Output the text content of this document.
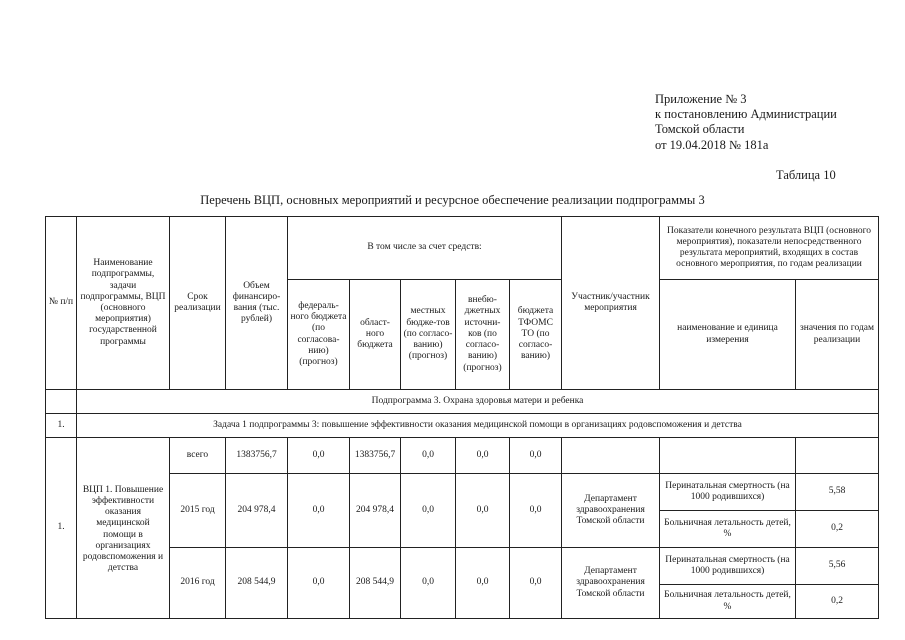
Приложение № 3
к постановлению Администрации
Томской области
от 19.04.2018 № 181а
Таблица 10
Перечень ВЦП, основных мероприятий и ресурсное обеспечение реализации подпрограммы 3
№ п/п	Наименование подпрограммы, задачи подпрограммы, ВЦП (основного мероприятия) государственной программы	Срок реализации	Объем финансиро-вания (тыс. рублей)	В том числе за счет средств:					Участник/участник мероприятия	Показатели конечного результата ВЦП (основного мероприятия), показатели непосредственного результата мероприятий, входящих в состав основного мероприятия, по годам реализации	
				федераль-ного бюджета (по согласова-нию) (прогноз)	област-ного бюджета	местных бюдже-тов (по согласо-ванию) (прогноз)	внебю-джетных источни-ков (по согласо-ванию) (прогноз)	бюджета ТФОМС ТО (по согласо-ванию)		наименование и единица измерения	значения по годам реализации
	Подпрограмма 3. Охрана здоровья матери и ребенка										
1.	Задача 1 подпрограммы 3: повышение эффективности оказания медицинской помощи в организациях родовспоможения и детства										
1.	ВЦП 1. Повышение эффективности оказания медицинской помощи в организациях родовспоможения и детства	всего	1383756,7	0,0	1383756,7	0,0	0,0	0,0			
		2015 год	204 978,4	0,0	204 978,4	0,0	0,0	0,0	Департамент здравоохранения Томской области	Перинатальная смертность (на 1000 родившихся)	5,58
										Больничная летальность детей, %	0,2
		2016 год	208 544,9	0,0	208 544,9	0,0	0,0	0,0	Департамент здравоохранения Томской области	Перинатальная смертность (на 1000 родившихся)	5,56
										Больничная летальность детей, %	0,2
